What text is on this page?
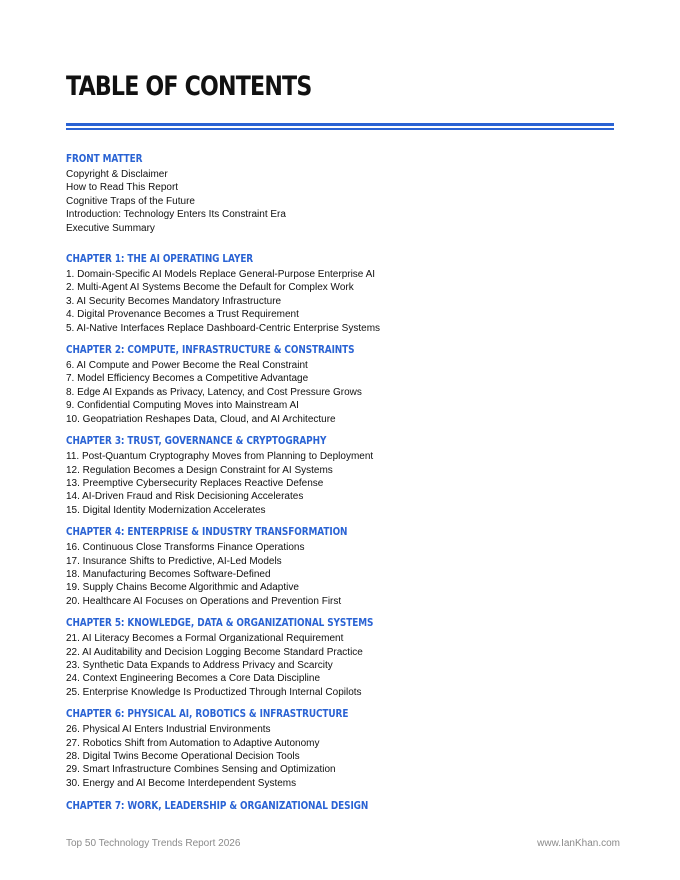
TABLE OF CONTENTS
FRONT MATTER
Copyright & Disclaimer
How to Read This Report
Cognitive Traps of the Future
Introduction: Technology Enters Its Constraint Era
Executive Summary
CHAPTER 1: THE AI OPERATING LAYER
1. Domain-Specific AI Models Replace General-Purpose Enterprise AI
2. Multi-Agent AI Systems Become the Default for Complex Work
3. AI Security Becomes Mandatory Infrastructure
4. Digital Provenance Becomes a Trust Requirement
5. AI-Native Interfaces Replace Dashboard-Centric Enterprise Systems
CHAPTER 2: COMPUTE, INFRASTRUCTURE & CONSTRAINTS
6. AI Compute and Power Become the Real Constraint
7. Model Efficiency Becomes a Competitive Advantage
8. Edge AI Expands as Privacy, Latency, and Cost Pressure Grows
9. Confidential Computing Moves into Mainstream AI
10. Geopatriation Reshapes Data, Cloud, and AI Architecture
CHAPTER 3: TRUST, GOVERNANCE & CRYPTOGRAPHY
11. Post-Quantum Cryptography Moves from Planning to Deployment
12. Regulation Becomes a Design Constraint for AI Systems
13. Preemptive Cybersecurity Replaces Reactive Defense
14. AI-Driven Fraud and Risk Decisioning Accelerates
15. Digital Identity Modernization Accelerates
CHAPTER 4: ENTERPRISE & INDUSTRY TRANSFORMATION
16. Continuous Close Transforms Finance Operations
17. Insurance Shifts to Predictive, AI-Led Models
18. Manufacturing Becomes Software-Defined
19. Supply Chains Become Algorithmic and Adaptive
20. Healthcare AI Focuses on Operations and Prevention First
CHAPTER 5: KNOWLEDGE, DATA & ORGANIZATIONAL SYSTEMS
21. AI Literacy Becomes a Formal Organizational Requirement
22. AI Auditability and Decision Logging Become Standard Practice
23. Synthetic Data Expands to Address Privacy and Scarcity
24. Context Engineering Becomes a Core Data Discipline
25. Enterprise Knowledge Is Productized Through Internal Copilots
CHAPTER 6: PHYSICAL AI, ROBOTICS & INFRASTRUCTURE
26. Physical AI Enters Industrial Environments
27. Robotics Shift from Automation to Adaptive Autonomy
28. Digital Twins Become Operational Decision Tools
29. Smart Infrastructure Combines Sensing and Optimization
30. Energy and AI Become Interdependent Systems
CHAPTER 7: WORK, LEADERSHIP & ORGANIZATIONAL DESIGN
Top 50 Technology Trends Report 2026	www.IanKhan.com
